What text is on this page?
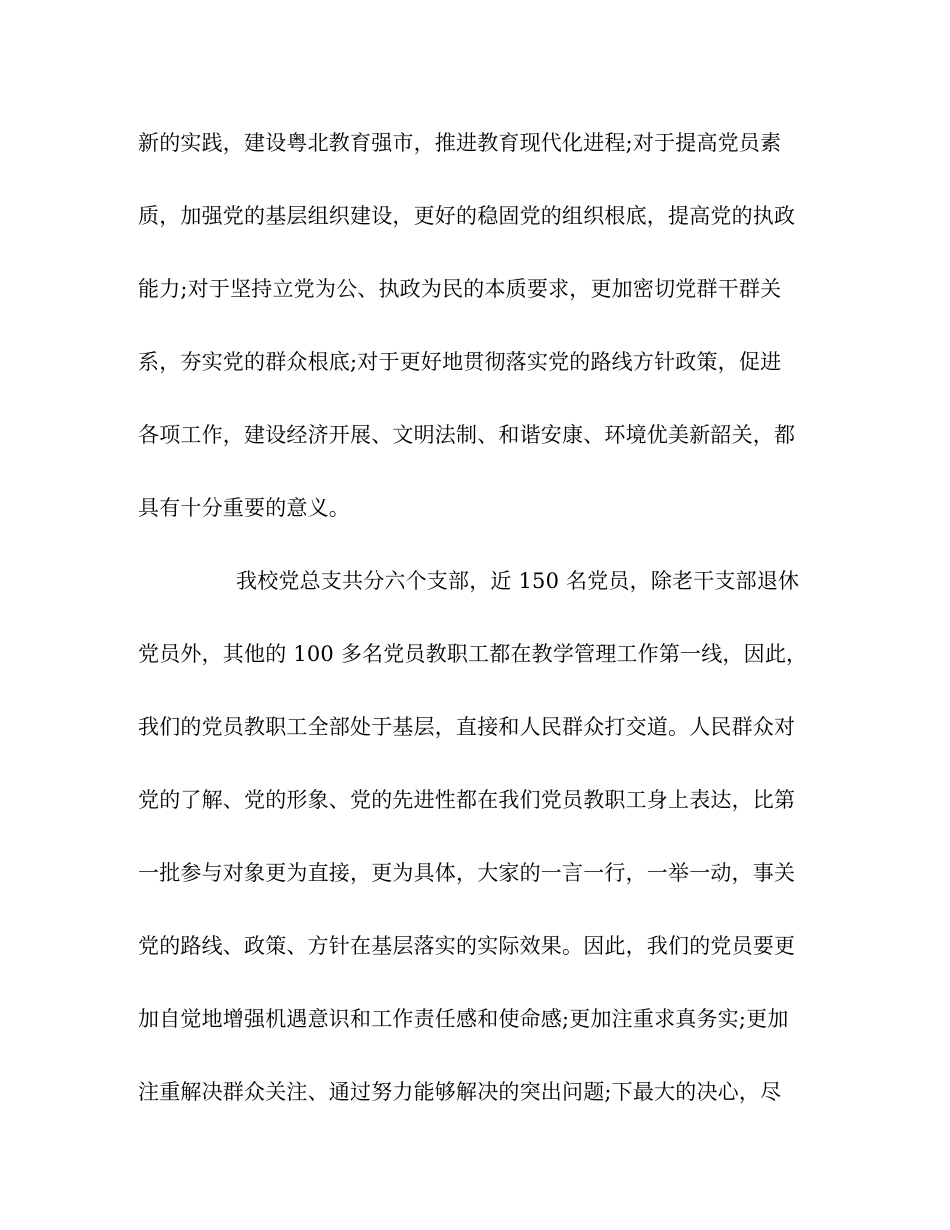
新的实践，建设粤北教育强市，推进教育现代化进程;对于提高党员素
质，加强党的基层组织建设，更好的稳固党的组织根底，提高党的执政
能力;对于坚持立党为公、执政为民的本质要求，更加密切党群干群关
系，夯实党的群众根底;对于更好地贯彻落实党的路线方针政策，促进
各项工作，建设经济开展、文明法制、和谐安康、环境优美新韶关，都
具有十分重要的意义。
我校党总支共分六个支部，近 150 名党员，除老干支部退休
党员外，其他的 100 多名党员教职工都在教学管理工作第一线，因此，
我们的党员教职工全部处于基层，直接和人民群众打交道。人民群众对
党的了解、党的形象、党的先进性都在我们党员教职工身上表达，比第
一批参与对象更为直接，更为具体，大家的一言一行，一举一动，事关
党的路线、政策、方针在基层落实的实际效果。因此，我们的党员要更
加自觉地增强机遇意识和工作责任感和使命感;更加注重求真务实;更加
注重解决群众关注、通过努力能够解决的突出问题;下最大的决心，尽
